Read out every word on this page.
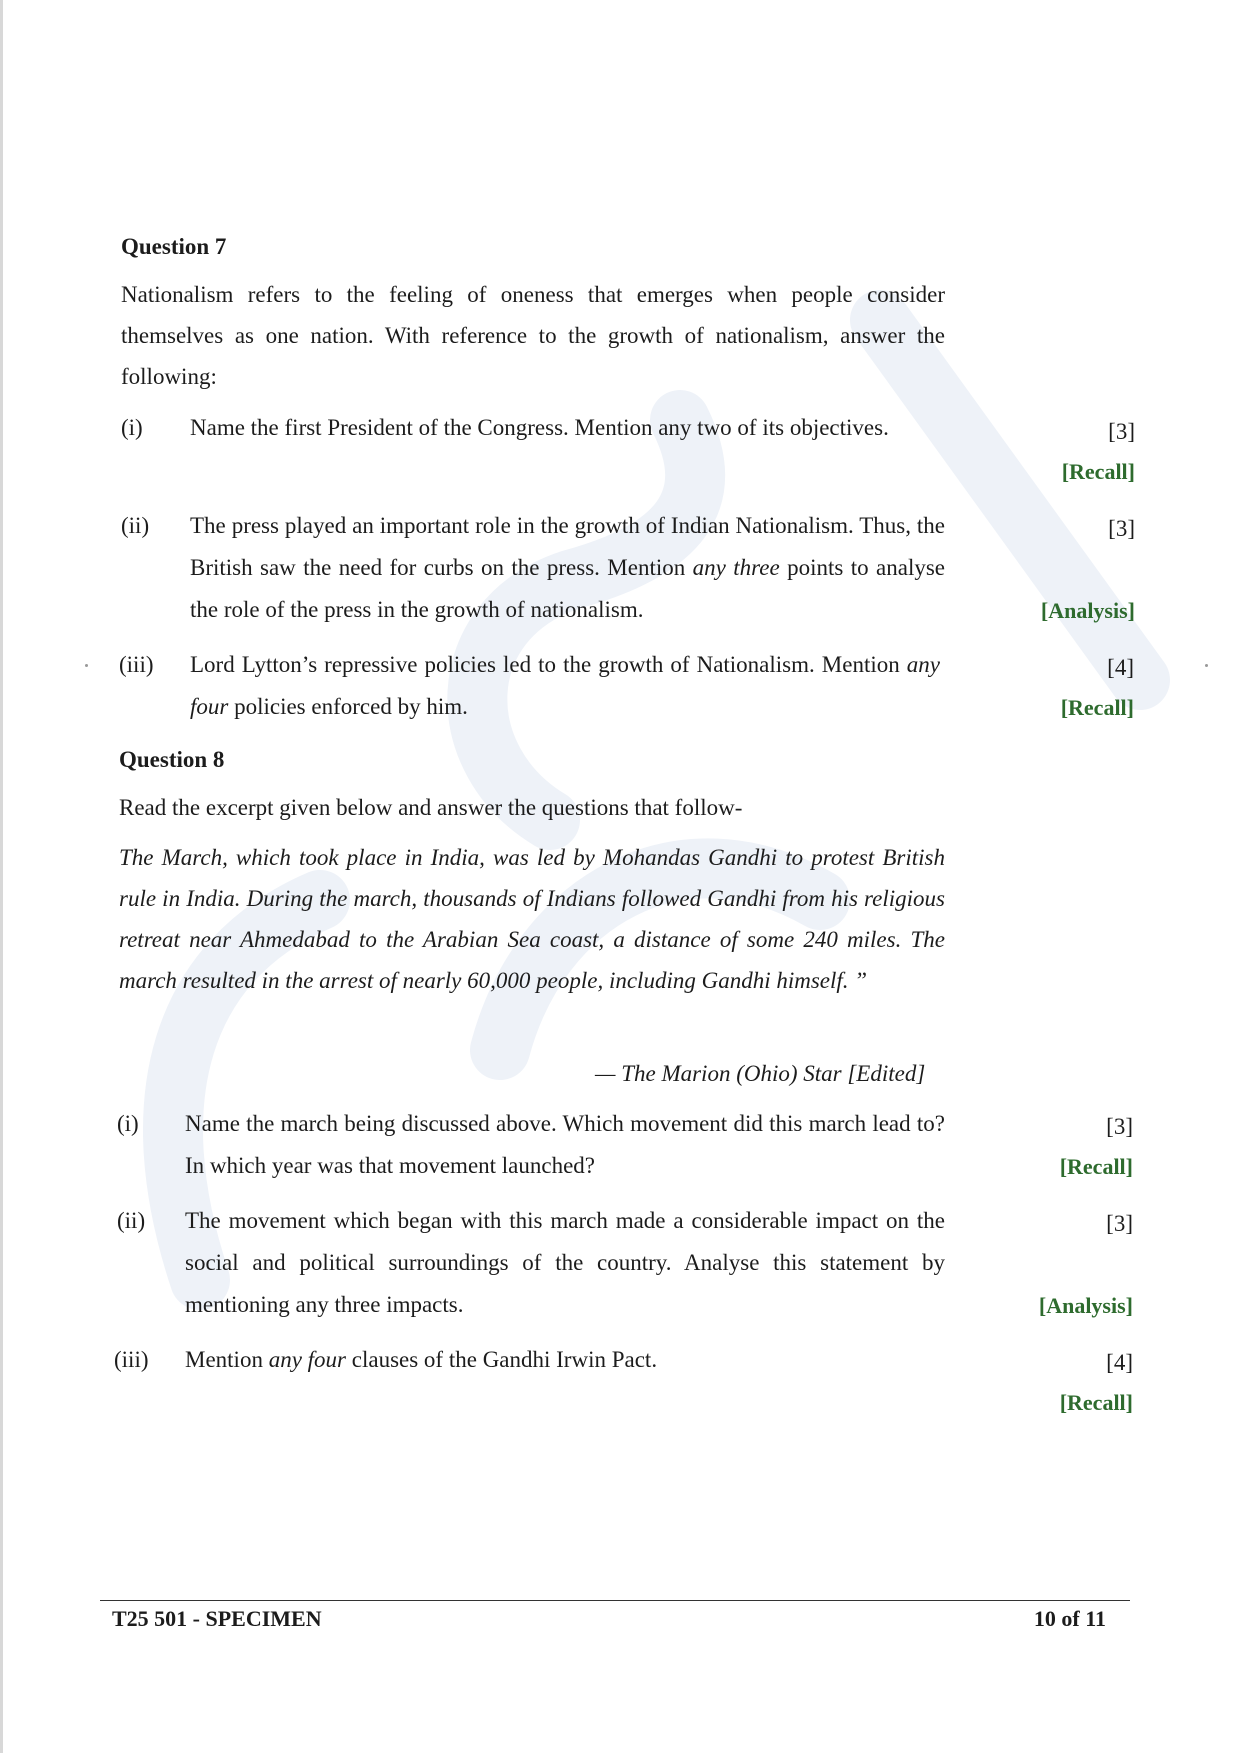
Question 7
Nationalism refers to the feeling of oneness that emerges when people consider themselves as one nation. With reference to the growth of nationalism, answer the following:
(i) Name the first President of the Congress. Mention any two of its objectives.	[3]
[Recall]
(ii) The press played an important role in the growth of Indian Nationalism. Thus, the British saw the need for curbs on the press. Mention any three points to analyse the role of the press in the growth of nationalism.
[3]
[Analysis]
(iii) Lord Lytton’s repressive policies led to the growth of Nationalism. Mention any four policies enforced by him.
[4]
[Recall]
Question 8
Read the excerpt given below and answer the questions that follow-
The March, which took place in India, was led by Mohandas Gandhi to protest British rule in India. During the march, thousands of Indians followed Gandhi from his religious retreat near Ahmedabad to the Arabian Sea coast, a distance of some 240 miles. The march resulted in the arrest of nearly 60,000 people, including Gandhi himself. ”
— The Marion (Ohio) Star [Edited]
(i) Name the march being discussed above. Which movement did this march lead to? In which year was that movement launched?
[3]
[Recall]
(ii) The movement which began with this march made a considerable impact on the social and political surroundings of the country. Analyse this statement by mentioning any three impacts.
[3]
[Analysis]
(iii) Mention any four clauses of the Gandhi Irwin Pact.	[4]
[Recall]
T25 501 - SPECIMEN	10 of 11
